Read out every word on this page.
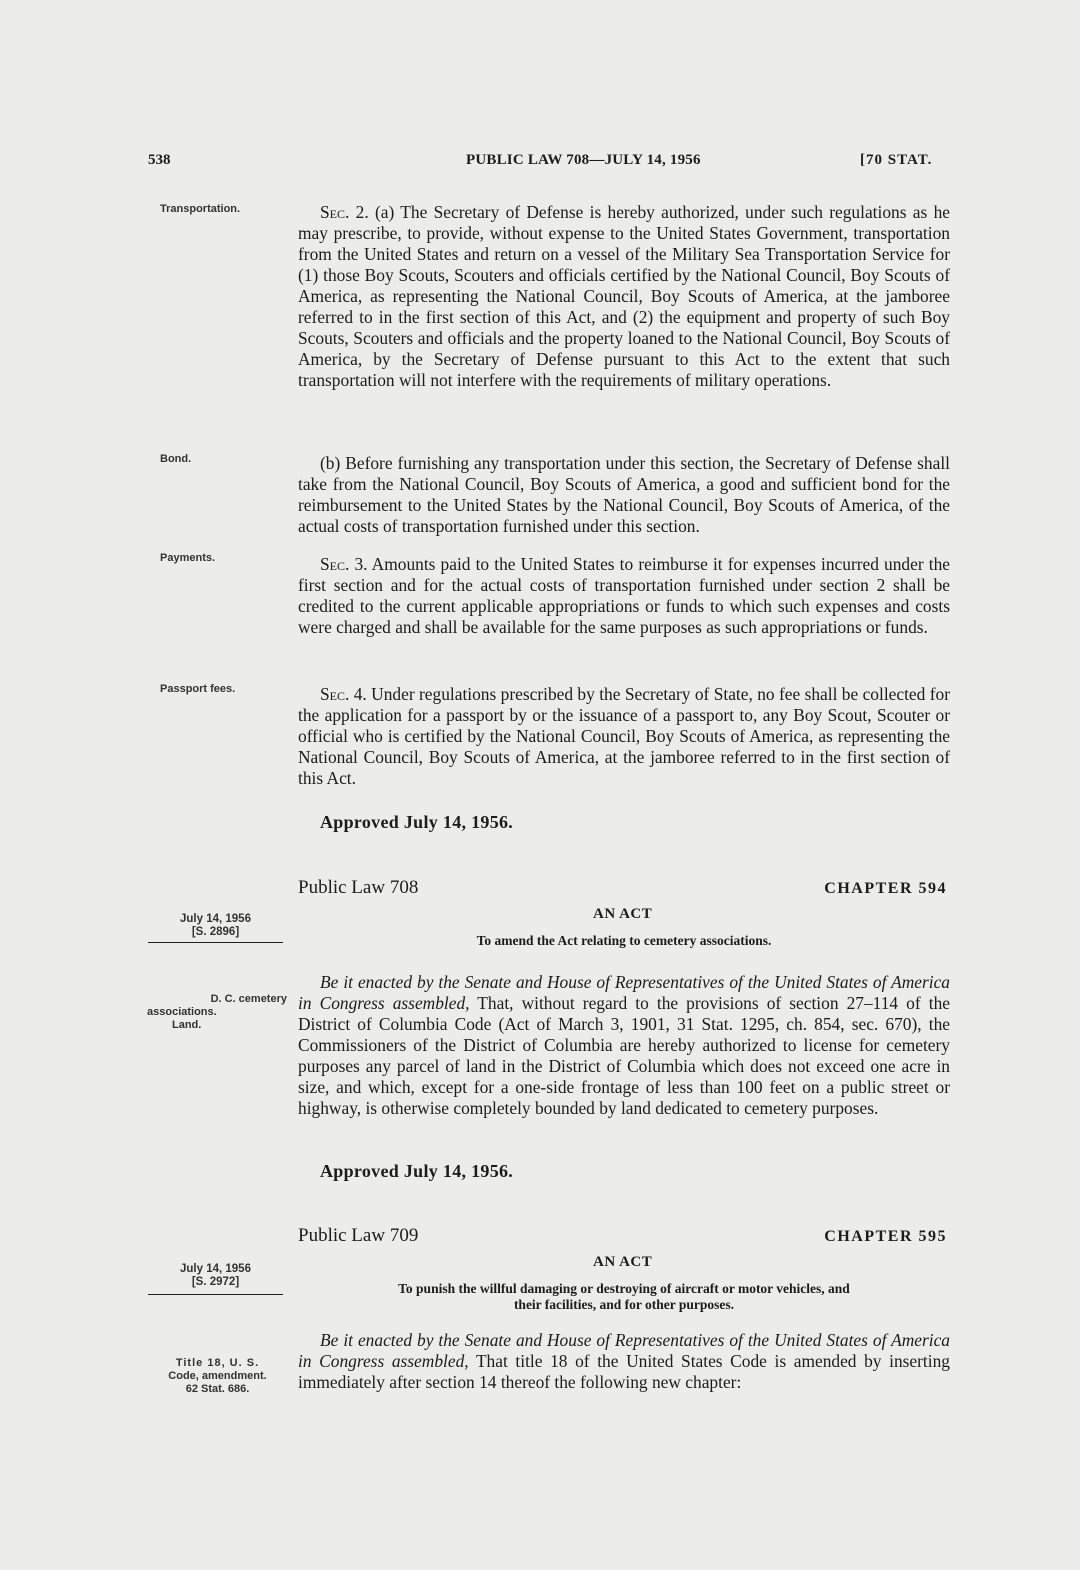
538	PUBLIC LAW 708—JULY 14, 1956	[70 STAT.
Transportation.
Bond.
Payments.
Passport fees.

Sec. 2. (a) The Secretary of Defense is hereby authorized, under such regulations as he may prescribe, to provide, without expense to the United States Government, transportation from the United States and return on a vessel of the Military Sea Transportation Service for (1) those Boy Scouts, Scouters and officials certified by the National Council, Boy Scouts of America, as representing the National Council, Boy Scouts of America, at the jamboree referred to in the first section of this Act, and (2) the equipment and property of such Boy Scouts, Scouters and officials and the property loaned to the National Council, Boy Scouts of America, by the Secretary of Defense pursuant to this Act to the extent that such transportation will not interfere with the requirements of military operations.

(b) Before furnishing any transportation under this section, the Secretary of Defense shall take from the National Council, Boy Scouts of America, a good and sufficient bond for the reimbursement to the United States by the National Council, Boy Scouts of America, of the actual costs of transportation furnished under this section.

Sec. 3. Amounts paid to the United States to reimburse it for expenses incurred under the first section and for the actual costs of transportation furnished under section 2 shall be credited to the current applicable appropriations or funds to which such expenses and costs were charged and shall be available for the same purposes as such appropriations or funds.

Sec. 4. Under regulations prescribed by the Secretary of State, no fee shall be collected for the application for a passport by or the issuance of a passport to, any Boy Scout, Scouter or official who is certified by the National Council, Boy Scouts of America, as representing the National Council, Boy Scouts of America, at the jamboree referred to in the first section of this Act.

Approved July 14, 1956.
Public Law 708	CHAPTER 594
AN ACT
To amend the Act relating to cemetery associations.
July 14, 1956
[S. 2896]
D. C. cemetery
associations.
Land.

Be it enacted by the Senate and House of Representatives of the United States of America in Congress assembled, That, without regard to the provisions of section 27–114 of the District of Columbia Code (Act of March 3, 1901, 31 Stat. 1295, ch. 854, sec. 670), the Commissioners of the District of Columbia are hereby authorized to license for cemetery purposes any parcel of land in the District of Columbia which does not exceed one acre in size, and which, except for a one-side frontage of less than 100 feet on a public street or highway, is otherwise completely bounded by land dedicated to cemetery purposes.

Approved July 14, 1956.
Public Law 709	CHAPTER 595
AN ACT
To punish the willful damaging or destroying of aircraft or motor vehicles, and
their facilities, and for other purposes.
July 14, 1956
[S. 2972]
Title 18, U. S.
Code, amendment.
62 Stat. 686.

Be it enacted by the Senate and House of Representatives of the United States of America in Congress assembled, That title 18 of the United States Code is amended by inserting immediately after section 14 thereof the following new chapter:
